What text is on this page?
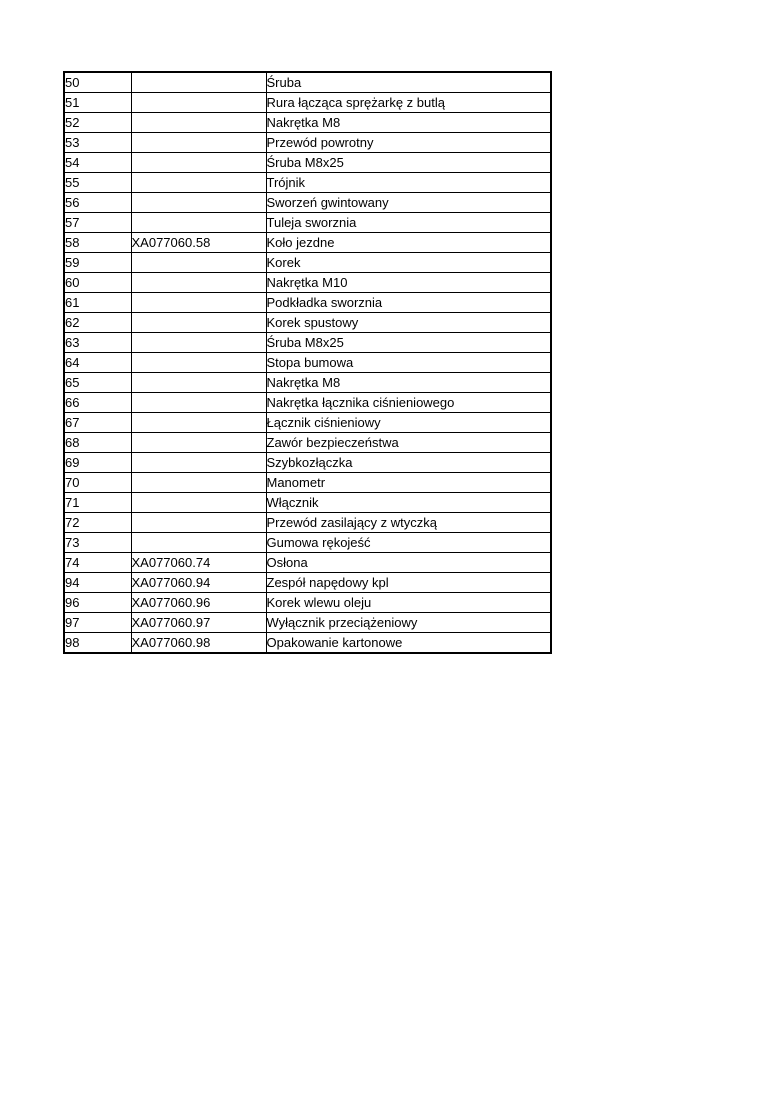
50		Śruba
51		Rura łącząca sprężarkę z butlą
52		Nakrętka M8
53		Przewód powrotny
54		Śruba M8x25
55		Trójnik
56		Sworzeń gwintowany
57		Tuleja sworznia
58	XA077060.58	Koło jezdne
59		Korek
60		Nakrętka M10
61		Podkładka sworznia
62		Korek spustowy
63		Śruba M8x25
64		Stopa bumowa
65		Nakrętka M8
66		Nakrętka łącznika ciśnieniowego
67		Łącznik ciśnieniowy
68		Zawór bezpieczeństwa
69		Szybkozłączka
70		Manometr
71		Włącznik
72		Przewód zasilający z wtyczką
73		Gumowa rękojeść
74	XA077060.74	Osłona
94	XA077060.94	Zespół napędowy kpl
96	XA077060.96	Korek wlewu oleju
97	XA077060.97	Wyłącznik przeciążeniowy
98	XA077060.98	Opakowanie kartonowe
